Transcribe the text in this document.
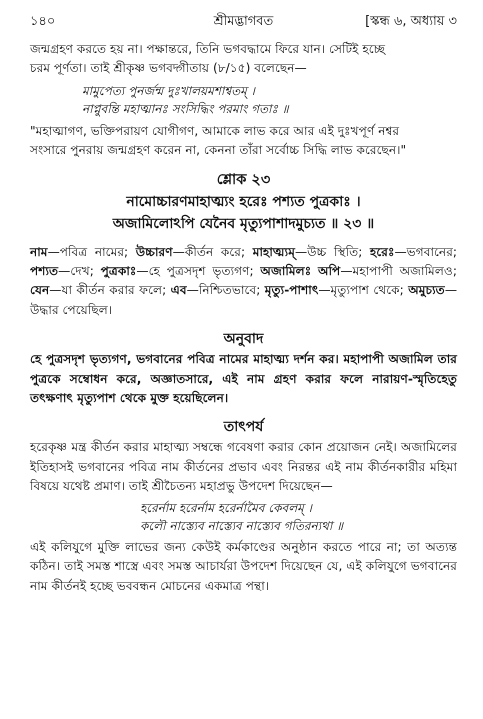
১৪০	শ্রীমদ্ভাগবত	[স্কন্ধ ৬, অধ্যায় ৩

জন্মগ্রহণ করতে হয় না। পক্ষান্তরে, তিনি ভগবদ্ধামে ফিরে যান। সেটিই হচ্ছে

চরম পূর্ণতা। তাই শ্রীকৃষ্ণ ভগবদ্গীতায় (৮/১৫) বলেছেন—

মামুপেত্য পুনর্জন্ম দুঃখালয়মশাশ্বতম্ ।
নাপ্নুবন্তি মহাত্মানঃ সংসিদ্ধিং পরমাং গতাঃ ॥
"মহাত্মাগণ, ভক্তিপরায়ণ যোগীগণ, আমাকে লাভ করে আর এই দুঃখপূর্ণ নশ্বর
সংসারে পুনরায় জন্মগ্রহণ করেন না, কেননা তাঁরা সর্বোচ্চ সিদ্ধি লাভ করেছেন।"
শ্লোক ২৩
নামোচ্চারণমাহাত্ম্যং হরেঃ পশ্যত পুত্রকাঃ ।
অজামিলোঽপি যেনৈব মৃত্যুপাশাদমুচ্যত ॥ ২৩ ॥
নাম—পবিত্র নামের; উচ্চারণ—কীর্তন করে; মাহাত্ম্যম্—উচ্চ স্থিতি; হরেঃ—ভগবানের; পশ্যত—দেখ; পুত্রকাঃ—হে পুত্রসদৃশ ভৃত্যগণ; অজামিলঃ অপি—মহাপাপী অজামিলও; যেন—যা কীর্তন করার ফলে; এব—নিশ্চিতভাবে; মৃত্যু-পাশাৎ—মৃত্যুপাশ থেকে; অমুচ্যত—উদ্ধার পেয়েছিল।
অনুবাদ
হে পুত্রসদৃশ ভৃত্যগণ, ভগবানের পবিত্র নামের মাহাত্ম্য দর্শন কর। মহাপাপী অজামিল তার পুত্রকে সম্বোধন করে, অজ্ঞাতসারে, এই নাম গ্রহণ করার ফলে নারায়ণ-স্মৃতিহেতু তৎক্ষণাৎ মৃত্যুপাশ থেকে মুক্ত হয়েছিলেন।
তাৎপর্য
হরেকৃষ্ণ মন্ত্র কীর্তন করার মাহাত্ম্য সম্বন্ধে গবেষণা করার কোন প্রয়োজন নেই। অজামিলের ইতিহাসই ভগবানের পবিত্র নাম কীর্তনের প্রভাব এবং নিরন্তর এই নাম কীর্তনকারীর মহিমা বিষয়ে যথেষ্ট প্রমাণ। তাই শ্রীচৈতন্য মহাপ্রভু উপদেশ দিয়েছেন—
হরের্নাম হরের্নাম হরের্নামৈব কেবলম্ ।
কলৌ নাস্ত্যেব নাস্ত্যেব নাস্ত্যেব গতিরন্যথা ॥
এই কলিযুগে মুক্তি লাভের জন্য কেউই কর্মকাণ্ডের অনুষ্ঠান করতে পারে না; তা অত্যন্ত কঠিন। তাই সমস্ত শাস্ত্রে এবং সমস্ত আচার্যরা উপদেশ দিয়েছেন যে, এই কলিযুগে ভগবানের নাম কীর্তনই হচ্ছে ভববন্ধন মোচনের একমাত্র পন্থা।
